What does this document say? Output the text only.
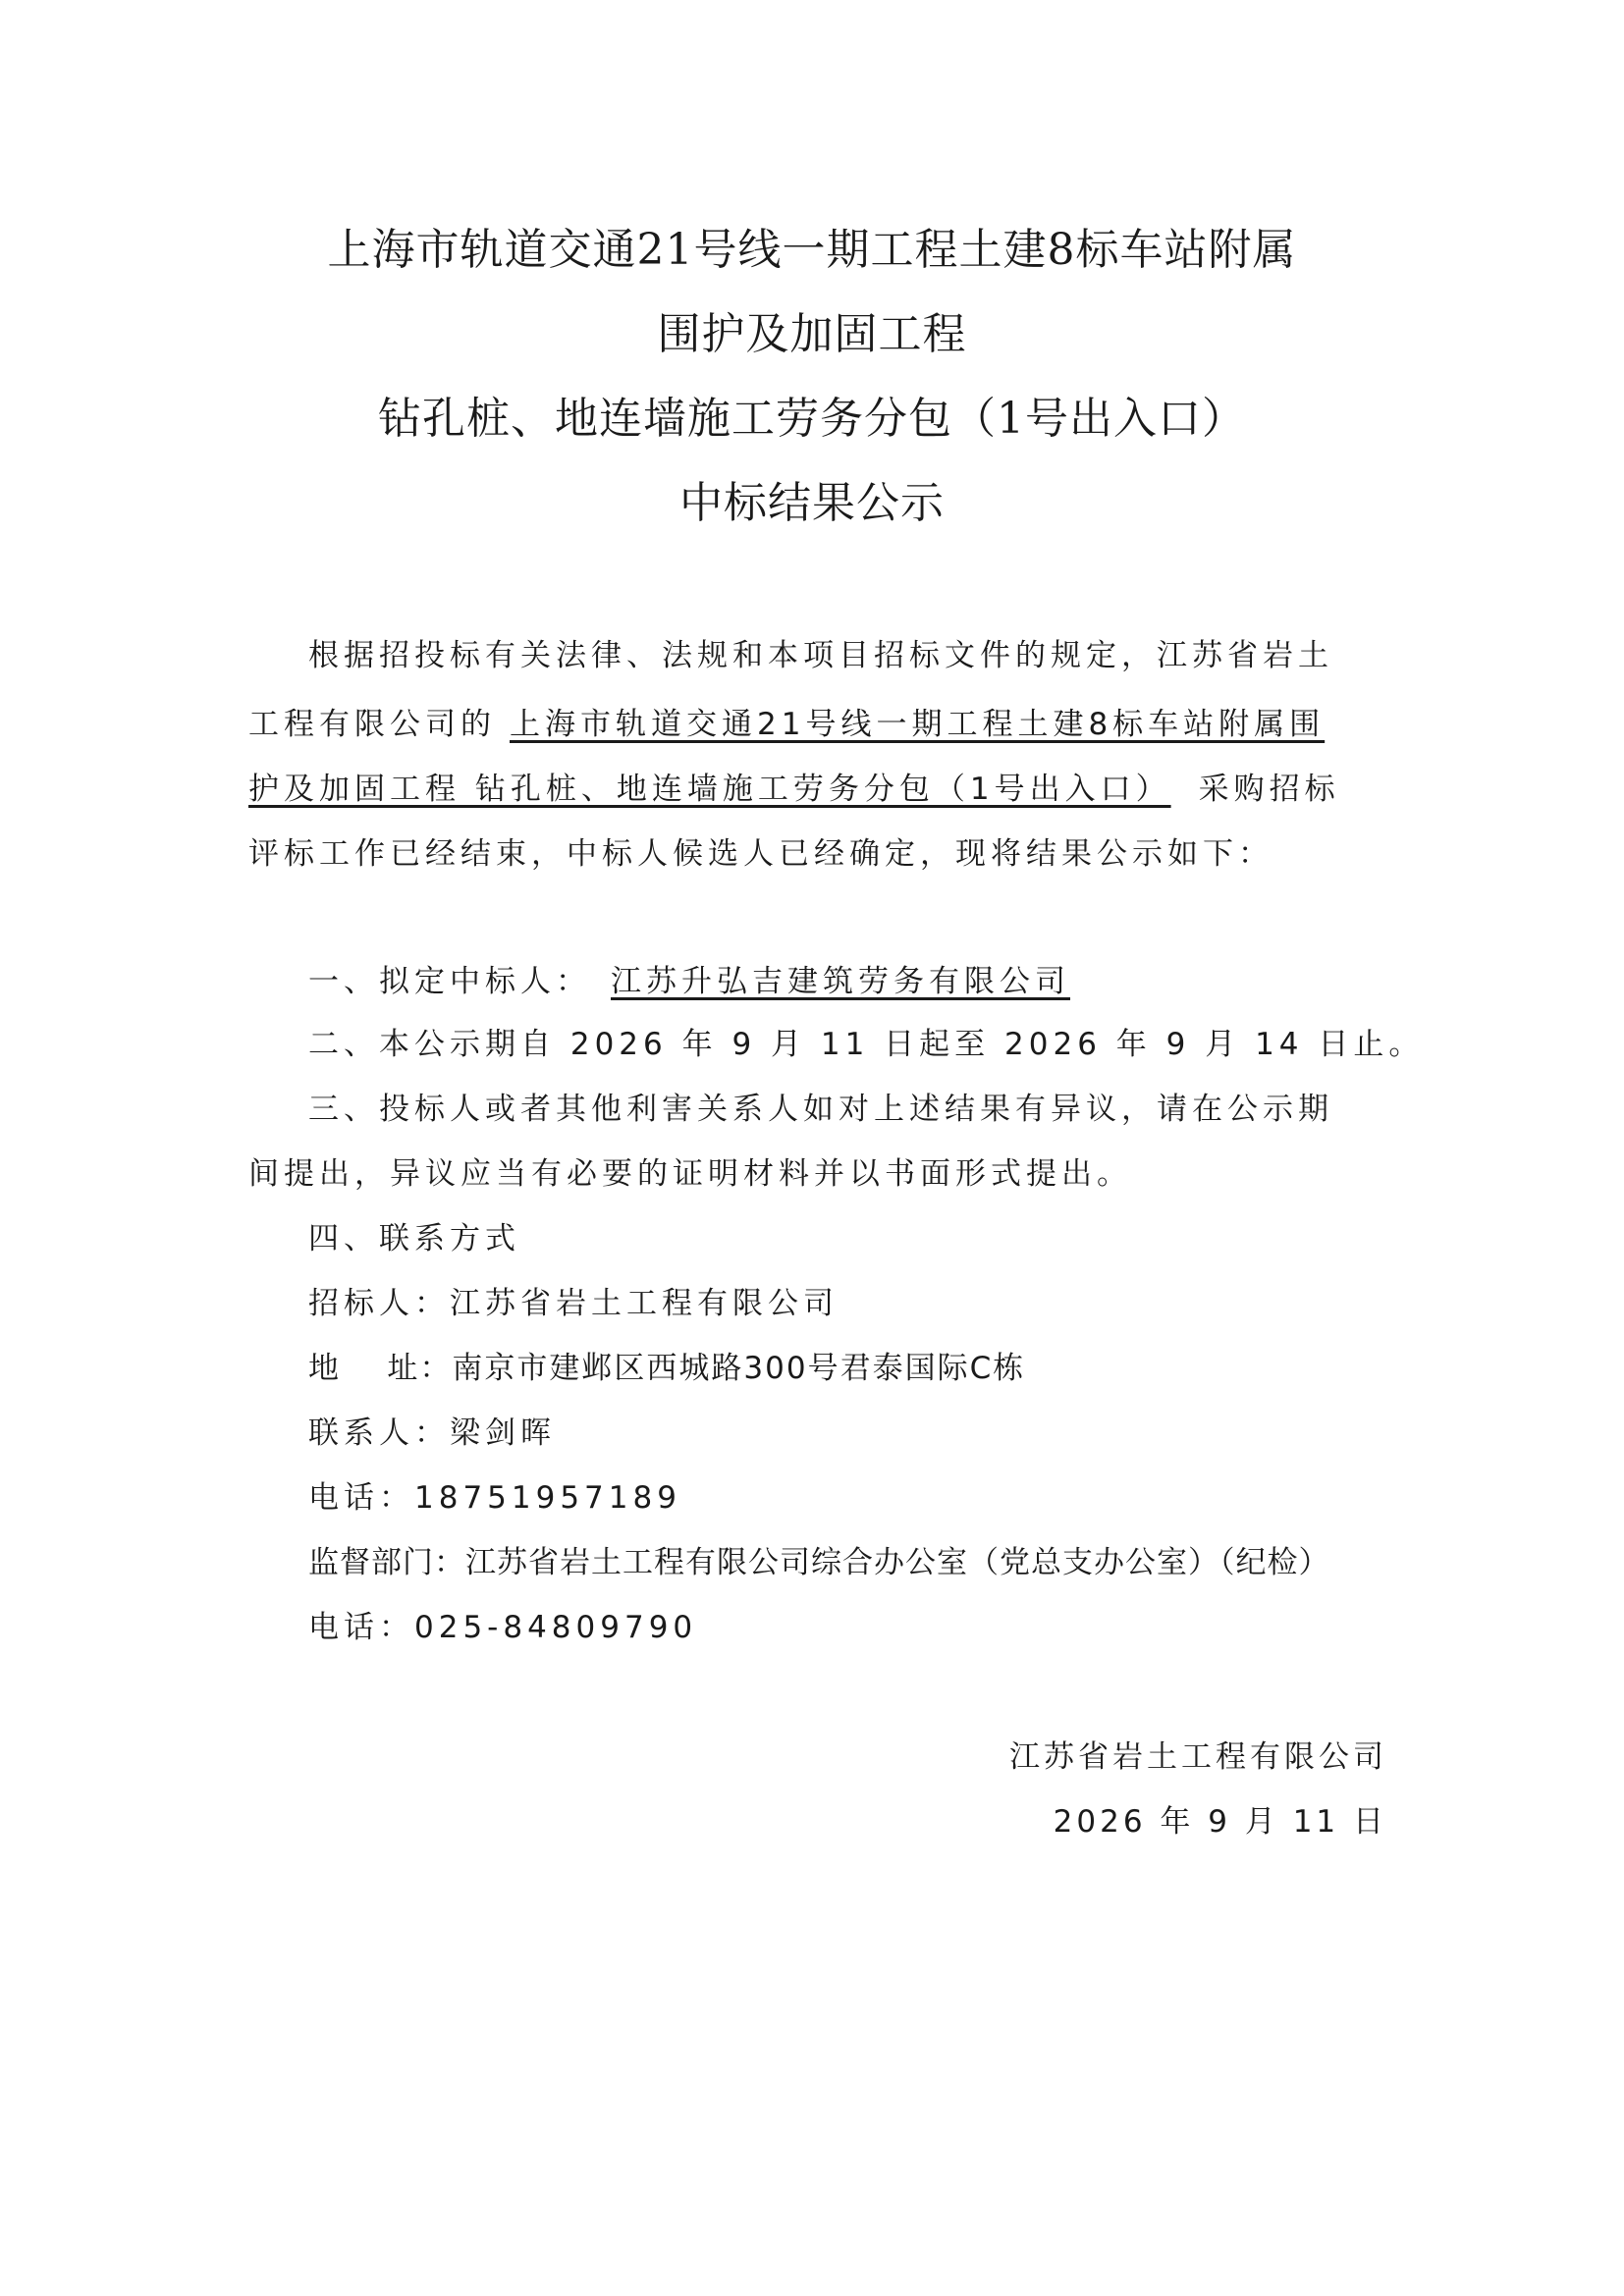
上海市轨道交通21号线一期工程土建8标车站附属
围护及加固工程
钻孔桩、地连墙施工劳务分包（1号出入口）
中标结果公示
根据招投标有关法律、法规和本项目招标文件的规定，江苏省岩土
工程有限公司的 上海市轨道交通21号线一期工程土建8标车站附属围
护及加固工程 钻孔桩、地连墙施工劳务分包（1号出入口） 采购招标
评标工作已经结束，中标人候选人已经确定，现将结果公示如下：
一、拟定中标人： 江苏升弘吉建筑劳务有限公司
二、本公示期自 2026 年 9 月 11 日起至 2026 年 9 月 14 日止。
三、投标人或者其他利害关系人如对上述结果有异议，请在公示期
间提出，异议应当有必要的证明材料并以书面形式提出。
四、联系方式
招标人：江苏省岩土工程有限公司
地    址：南京市建邺区西城路300号君泰国际C栋
联系人：梁剑晖
电话：18751957189
监督部门：江苏省岩土工程有限公司综合办公室（党总支办公室）（纪检）
电话：025-84809790
江苏省岩土工程有限公司
2026 年 9 月 11 日
